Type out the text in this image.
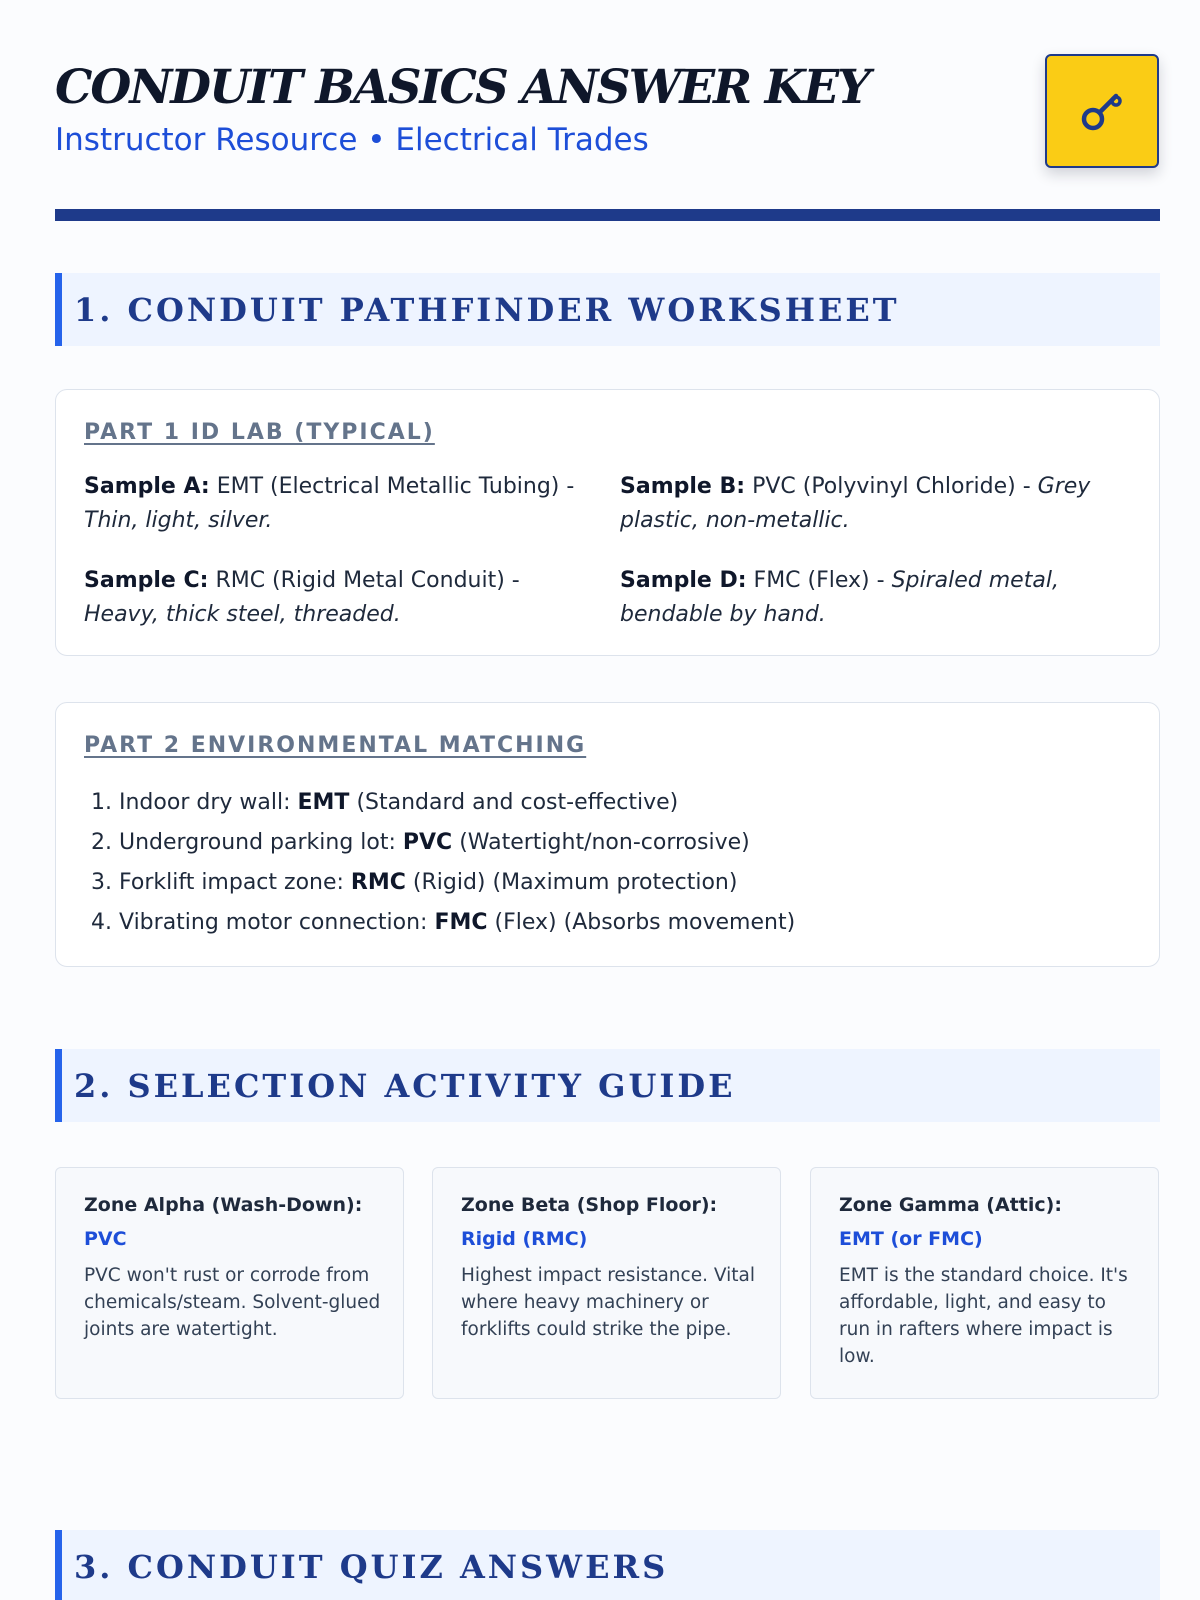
CONDUIT BASICS ANSWER KEY
Instructor Resource • Electrical Trades
1. CONDUIT PATHFINDER WORKSHEET
PART 1 ID LAB (TYPICAL)
Sample A: EMT (Electrical Metallic Tubing) - Thin, light, silver.
Sample B: PVC (Polyvinyl Chloride) - Grey plastic, non-metallic.
Sample C: RMC (Rigid Metal Conduit) - Heavy, thick steel, threaded.
Sample D: FMC (Flex) - Spiraled metal, bendable by hand.
PART 2 ENVIRONMENTAL MATCHING
1. Indoor dry wall: EMT (Standard and cost-effective)
2. Underground parking lot: PVC (Watertight/non-corrosive)
3. Forklift impact zone: RMC (Rigid) (Maximum protection)
4. Vibrating motor connection: FMC (Flex) (Absorbs movement)
2. SELECTION ACTIVITY GUIDE
Zone Alpha (Wash-Down):
PVC
PVC won't rust or corrode from chemicals/steam. Solvent-glued joints are watertight.
Zone Beta (Shop Floor):
Rigid (RMC)
Highest impact resistance. Vital where heavy machinery or forklifts could strike the pipe.
Zone Gamma (Attic):
EMT (or FMC)
EMT is the standard choice. It's affordable, light, and easy to run in rafters where impact is low.
3. CONDUIT QUIZ ANSWERS
